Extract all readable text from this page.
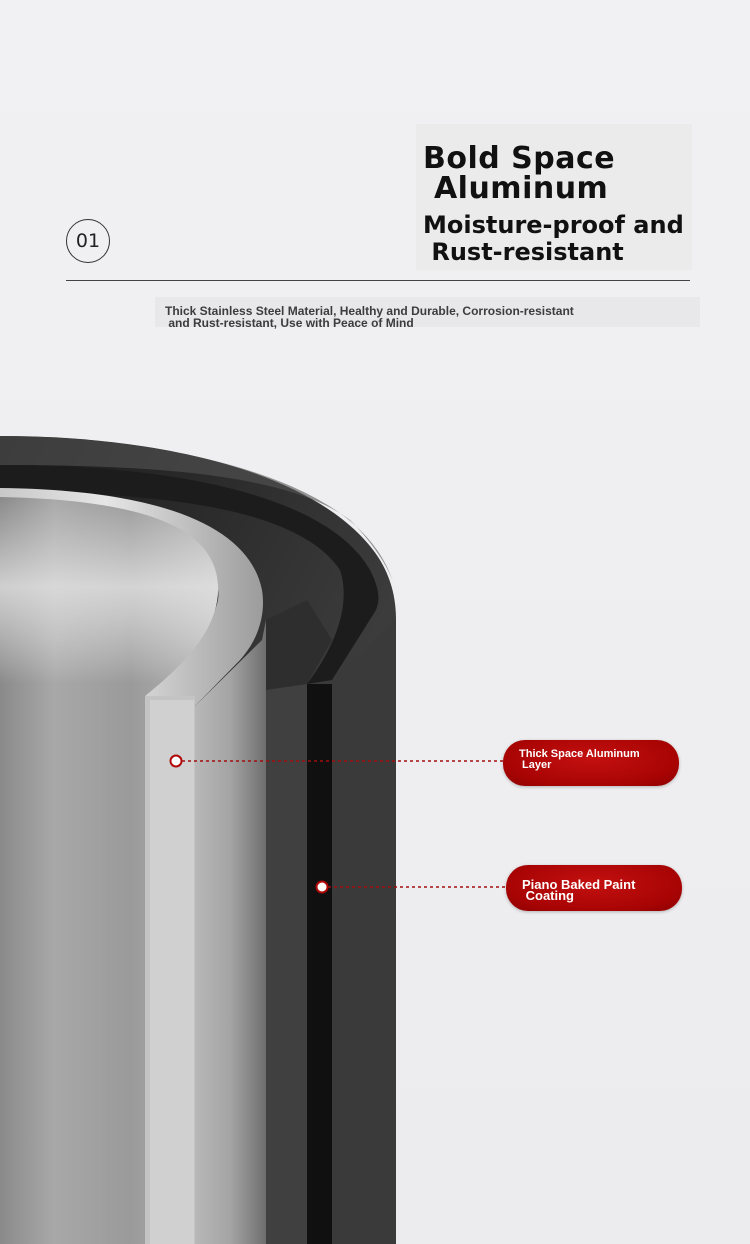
Bold Space
Aluminum
Moisture-proof and
Rust-resistant
01
Thick Stainless Steel Material, Healthy and Durable, Corrosion-resistant
and Rust-resistant, Use with Peace of Mind
Thick Space Aluminum
Layer
Piano Baked Paint
Coating
